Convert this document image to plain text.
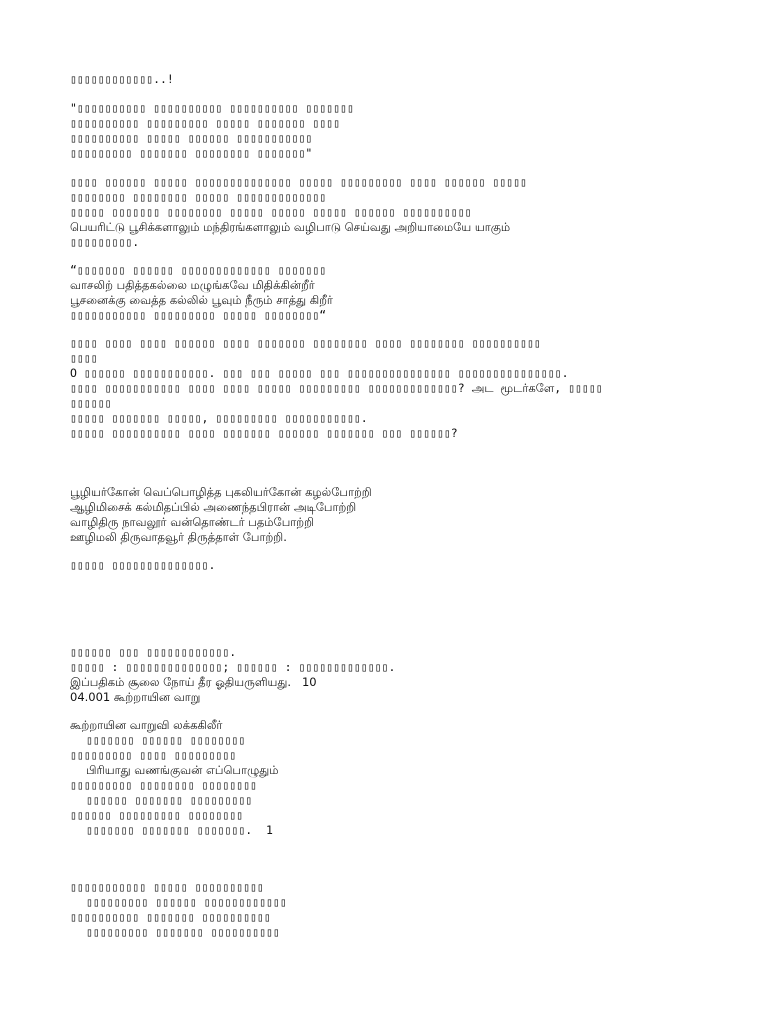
▯▯▯▯▯▯▯▯▯▯▯▯..!

"▯▯▯▯▯▯▯▯▯▯ ▯▯▯▯▯▯▯▯▯▯ ▯▯▯▯▯▯▯▯▯▯ ▯▯▯▯▯▯▯

▯▯▯▯▯▯▯▯▯▯ ▯▯▯▯▯▯▯▯▯ ▯▯▯▯▯ ▯▯▯▯▯▯▯ ▯▯▯▯

▯▯▯▯▯▯▯▯▯▯ ▯▯▯▯▯ ▯▯▯▯▯▯ ▯▯▯▯▯▯▯▯▯▯▯

▯▯▯▯▯▯▯▯▯ ▯▯▯▯▯▯▯ ▯▯▯▯▯▯▯▯ ▯▯▯▯▯▯▯"

▯▯▯▯ ▯▯▯▯▯▯ ▯▯▯▯▯ ▯▯▯▯▯▯▯▯▯▯▯▯▯▯ ▯▯▯▯▯ ▯▯▯▯▯▯▯▯▯ ▯▯▯▯ ▯▯▯▯▯▯ ▯▯▯▯▯

▯▯▯▯▯▯▯▯ ▯▯▯▯▯▯▯▯ ▯▯▯▯▯ ▯▯▯▯▯▯▯▯▯▯▯▯▯

▯▯▯▯▯ ▯▯▯▯▯▯▯ ▯▯▯▯▯▯▯▯ ▯▯▯▯▯ ▯▯▯▯▯ ▯▯▯▯▯ ▯▯▯▯▯▯ ▯▯▯▯▯▯▯▯▯▯

பெயரிட்டு பூசிக்களாலும் மந்திரங்களாலும் வழிபாடு செய்வது அறியாமையே யாகும்

▯▯▯▯▯▯▯▯▯.

“▯▯▯▯▯▯▯ ▯▯▯▯▯▯ ▯▯▯▯▯▯▯▯▯▯▯▯▯ ▯▯▯▯▯▯▯

வாசலிற் பதித்தகல்லை மழுங்கவே மிதிக்கின்றீர்

பூசனைக்கு வைத்த கல்லில் பூவும் நீரும் சாத்து கிறீர்

▯▯▯▯▯▯▯▯▯▯▯ ▯▯▯▯▯▯▯▯▯ ▯▯▯▯▯ ▯▯▯▯▯▯▯▯“

▯▯▯▯ ▯▯▯▯ ▯▯▯▯ ▯▯▯▯▯▯ ▯▯▯▯ ▯▯▯▯▯▯▯ ▯▯▯▯▯▯▯▯ ▯▯▯▯ ▯▯▯▯▯▯▯▯ ▯▯▯▯▯▯▯▯▯▯

▯▯▯▯

O ▯▯▯▯▯▯ ▯▯▯▯▯▯▯▯▯▯▯. ▯▯▯ ▯▯▯ ▯▯▯▯▯ ▯▯▯ ▯▯▯▯▯▯▯▯▯▯▯▯▯▯▯ ▯▯▯▯▯▯▯▯▯▯▯▯▯▯▯.

▯▯▯▯ ▯▯▯▯▯▯▯▯▯▯▯ ▯▯▯▯ ▯▯▯▯ ▯▯▯▯▯ ▯▯▯▯▯▯▯▯▯ ▯▯▯▯▯▯▯▯▯▯▯▯▯? அட மூடர்களே, ▯▯▯▯▯

▯▯▯▯▯▯

▯▯▯▯▯ ▯▯▯▯▯▯▯ ▯▯▯▯▯, ▯▯▯▯▯▯▯▯▯ ▯▯▯▯▯▯▯▯▯▯▯.

▯▯▯▯▯ ▯▯▯▯▯▯▯▯▯▯ ▯▯▯▯ ▯▯▯▯▯▯▯ ▯▯▯▯▯▯ ▯▯▯▯▯▯▯ ▯▯▯ ▯▯▯▯▯▯?

பூழியர்கோன் வெப்பொழித்த புகலியர்கோன் கழல்போற்றி

ஆழிமிசைக் கல்மிதப்பில் அணைந்தபிரான் அடிபோற்றி

வாழிதிரு நாவலூர் வன்தொண்டர் பதம்போற்றி

ஊழிமலி திருவாதவூர் திருத்தாள் போற்றி.

▯▯▯▯▯ ▯▯▯▯▯▯▯▯▯▯▯▯▯▯.

▯▯▯▯▯▯ ▯▯▯ ▯▯▯▯▯▯▯▯▯▯▯▯.

▯▯▯▯▯ : ▯▯▯▯▯▯▯▯▯▯▯▯▯▯; ▯▯▯▯▯▯ : ▯▯▯▯▯▯▯▯▯▯▯▯▯.

இப்பதிகம் சூலை நோய் தீர ஓதியருளியது.   10

04.001 கூற்றாயின வாறு

கூற்றாயின வாறுவி லக்ககிலீர்

▯▯▯▯▯▯▯ ▯▯▯▯▯▯ ▯▯▯▯▯▯▯▯

▯▯▯▯▯▯▯▯▯ ▯▯▯▯ ▯▯▯▯▯▯▯▯▯

பிரியாது வணங்குவன் எப்பொழுதும்

▯▯▯▯▯▯▯▯▯ ▯▯▯▯▯▯▯▯ ▯▯▯▯▯▯▯▯

▯▯▯▯▯▯ ▯▯▯▯▯▯▯ ▯▯▯▯▯▯▯▯▯

▯▯▯▯▯▯ ▯▯▯▯▯▯▯▯▯ ▯▯▯▯▯▯▯▯

▯▯▯▯▯▯▯ ▯▯▯▯▯▯▯ ▯▯▯▯▯▯▯.  1

▯▯▯▯▯▯▯▯▯▯▯ ▯▯▯▯▯ ▯▯▯▯▯▯▯▯▯▯

▯▯▯▯▯▯▯▯▯ ▯▯▯▯▯▯ ▯▯▯▯▯▯▯▯▯▯▯▯

▯▯▯▯▯▯▯▯▯▯ ▯▯▯▯▯▯▯ ▯▯▯▯▯▯▯▯▯▯

▯▯▯▯▯▯▯▯▯ ▯▯▯▯▯▯▯ ▯▯▯▯▯▯▯▯▯▯
